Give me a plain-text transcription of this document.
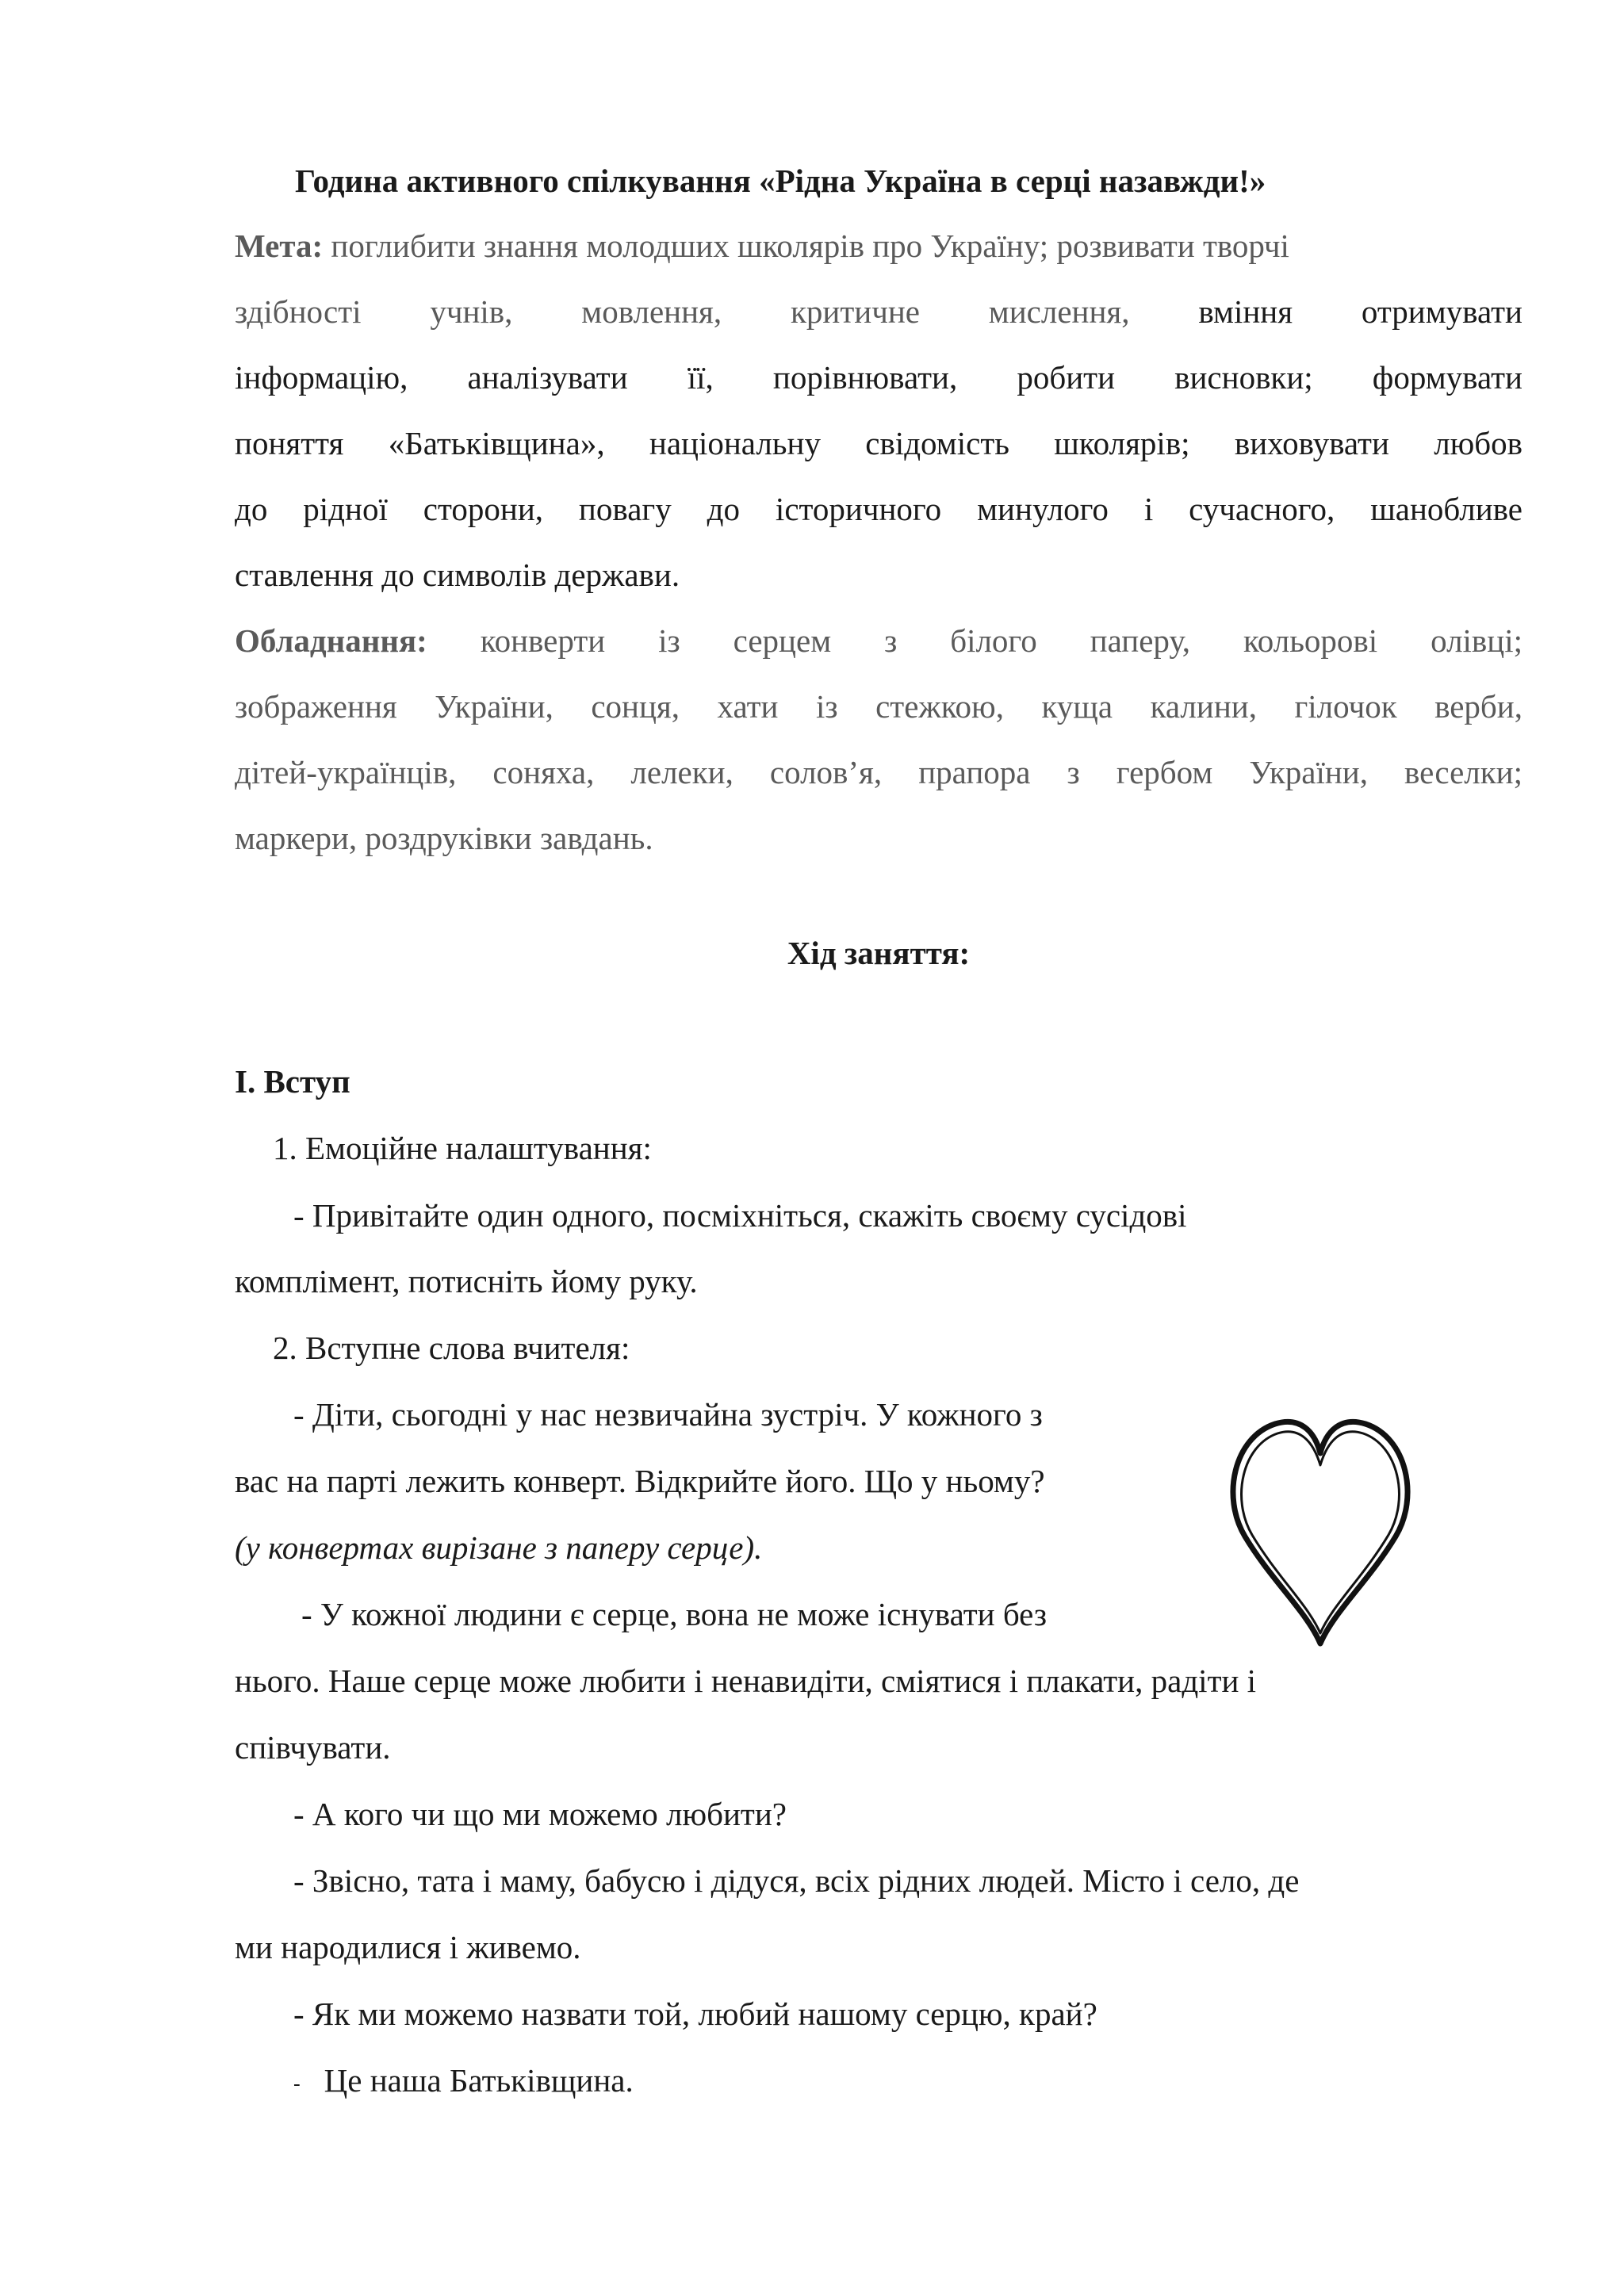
Година активного спілкування «Рідна Україна в серці назавжди!»
Мета: поглибити знання молодших школярів про Україну; розвивати творчі
здібності учнів, мовлення, критичне мислення, вміння отримувати
інформацію, аналізувати її, порівнювати, робити висновки; формувати
поняття «Батьківщина», національну свідомість школярів; виховувати любов
до рідної сторони, повагу до історичного минулого і сучасного, шанобливе
ставлення до символів держави.
Обладнання: конверти із серцем з білого паперу, кольорові олівці;
зображення України, сонця, хати із стежкою, куща калини, гілочок верби,
дітей-українців, соняха, лелеки, солов’я, прапора з гербом України, веселки;
маркери, роздруківки завдань.
Хід заняття:
І. Вступ
1. Емоційне налаштування:
- Привітайте один одного, посміхніться, скажіть своєму сусідові
комплімент, потисніть йому руку.
2. Вступне слова вчителя:
- Діти, сьогодні у нас незвичайна зустріч. У кожного з
вас на парті лежить конверт. Відкрийте його. Що у ньому?
(у конвертах вирізане з паперу серце).
- У кожної людини є серце, вона не може існувати без
нього. Наше серце може любити і ненавидіти, сміятися і плакати, радіти і
співчувати.
- А кого чи що ми можемо любити?
- Звісно, тата і маму, бабусю і дідуся, всіх рідних людей. Місто і село, де
ми народилися і живемо.
- Як ми можемо назвати той, любий нашому серцю, край?
- Це наша Батьківщина.
